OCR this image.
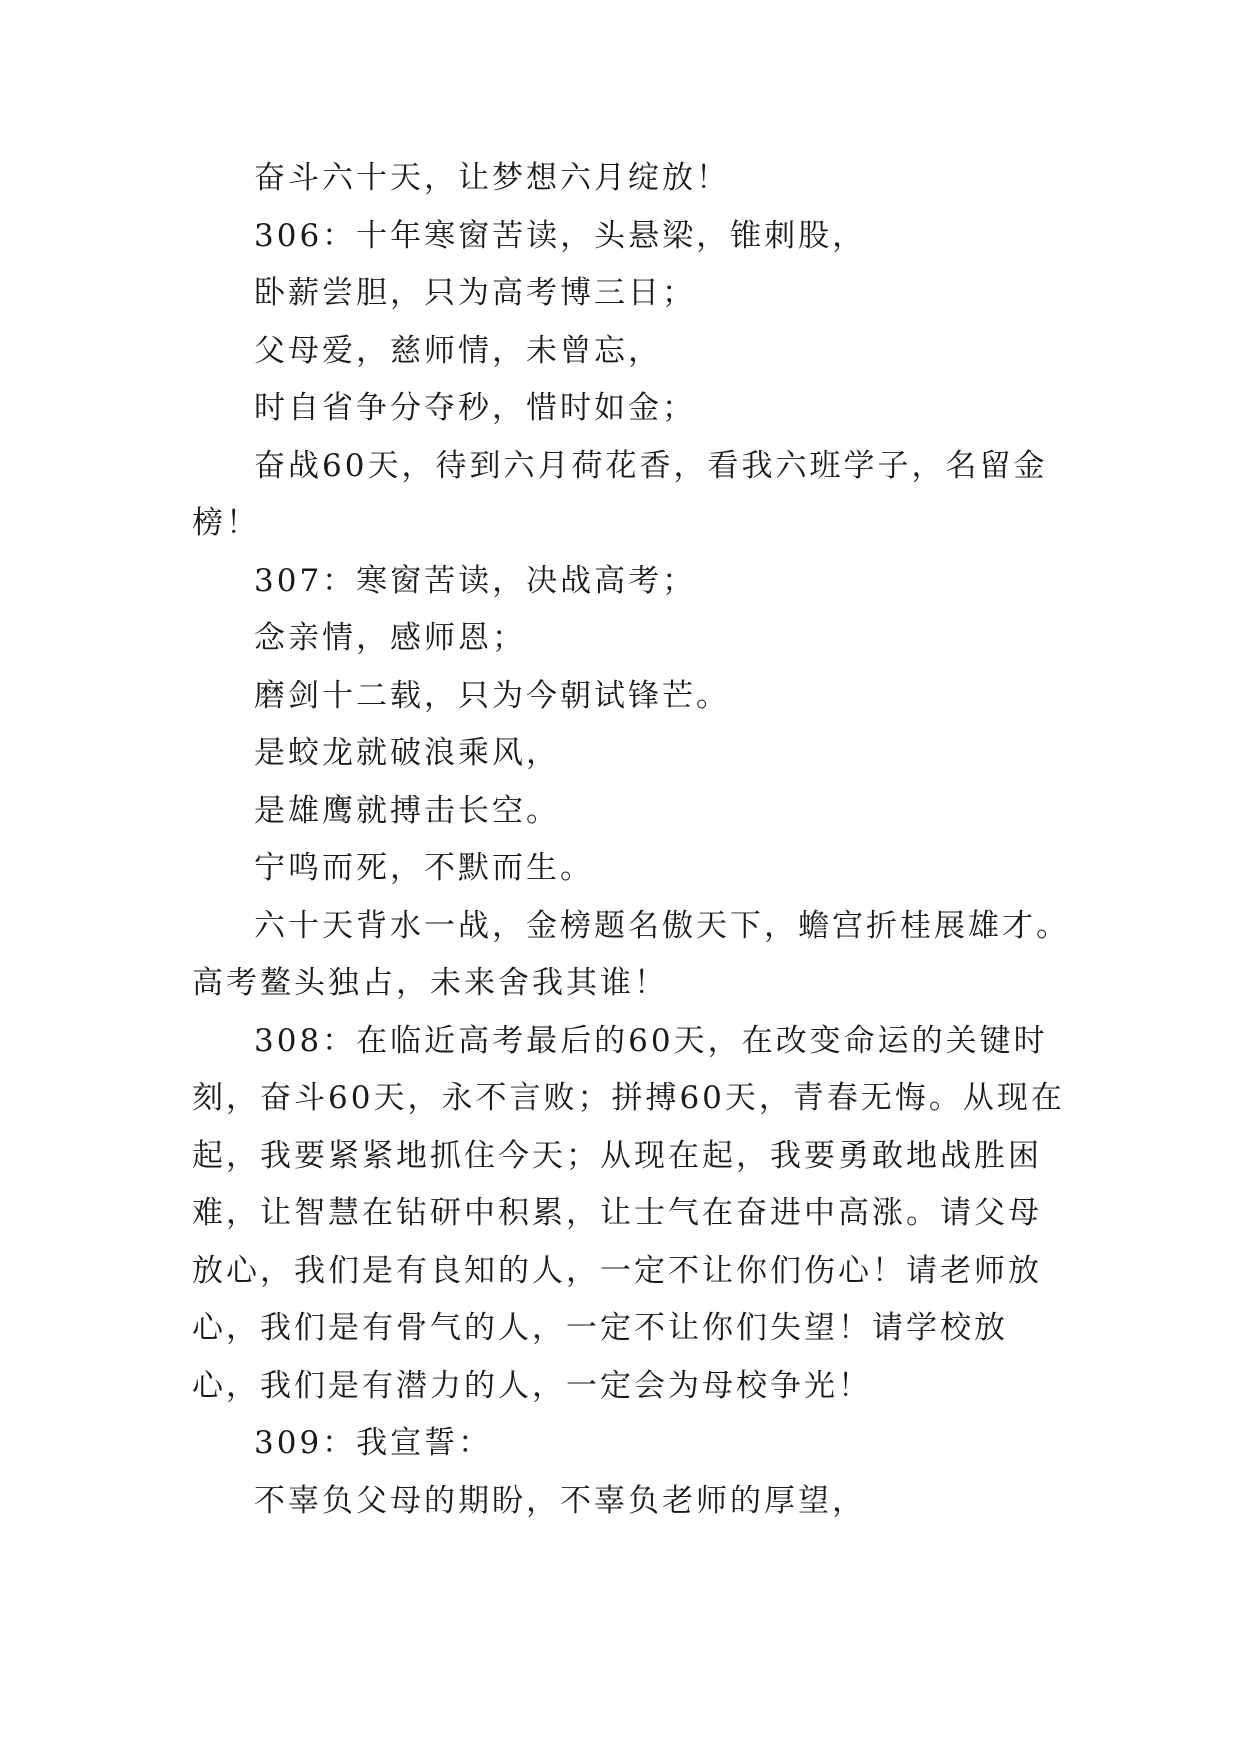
奋斗六十天，让梦想六月绽放！

306：十年寒窗苦读，头悬梁，锥刺股，

卧薪尝胆，只为高考博三日；

父母爱，慈师情，未曾忘，

时自省争分夺秒，惜时如金；

奋战60天，待到六月荷花香，看我六班学子，名留金榜！

307：寒窗苦读，决战高考；

念亲情，感师恩；

磨剑十二载，只为今朝试锋芒。

是蛟龙就破浪乘风，

是雄鹰就搏击长空。

宁鸣而死，不默而生。

六十天背水一战，金榜题名傲天下，蟾宫折桂展雄才。高考鳌头独占，未来舍我其谁！

308：在临近高考最后的60天，在改变命运的关键时刻，奋斗60天，永不言败；拼搏60天，青春无悔。从现在起，我要紧紧地抓住今天；从现在起，我要勇敢地战胜困难，让智慧在钻研中积累，让士气在奋进中高涨。请父母放心，我们是有良知的人，一定不让你们伤心！请老师放心，我们是有骨气的人，一定不让你们失望！请学校放心，我们是有潜力的人，一定会为母校争光！

309：我宣誓：

不辜负父母的期盼，不辜负老师的厚望，
